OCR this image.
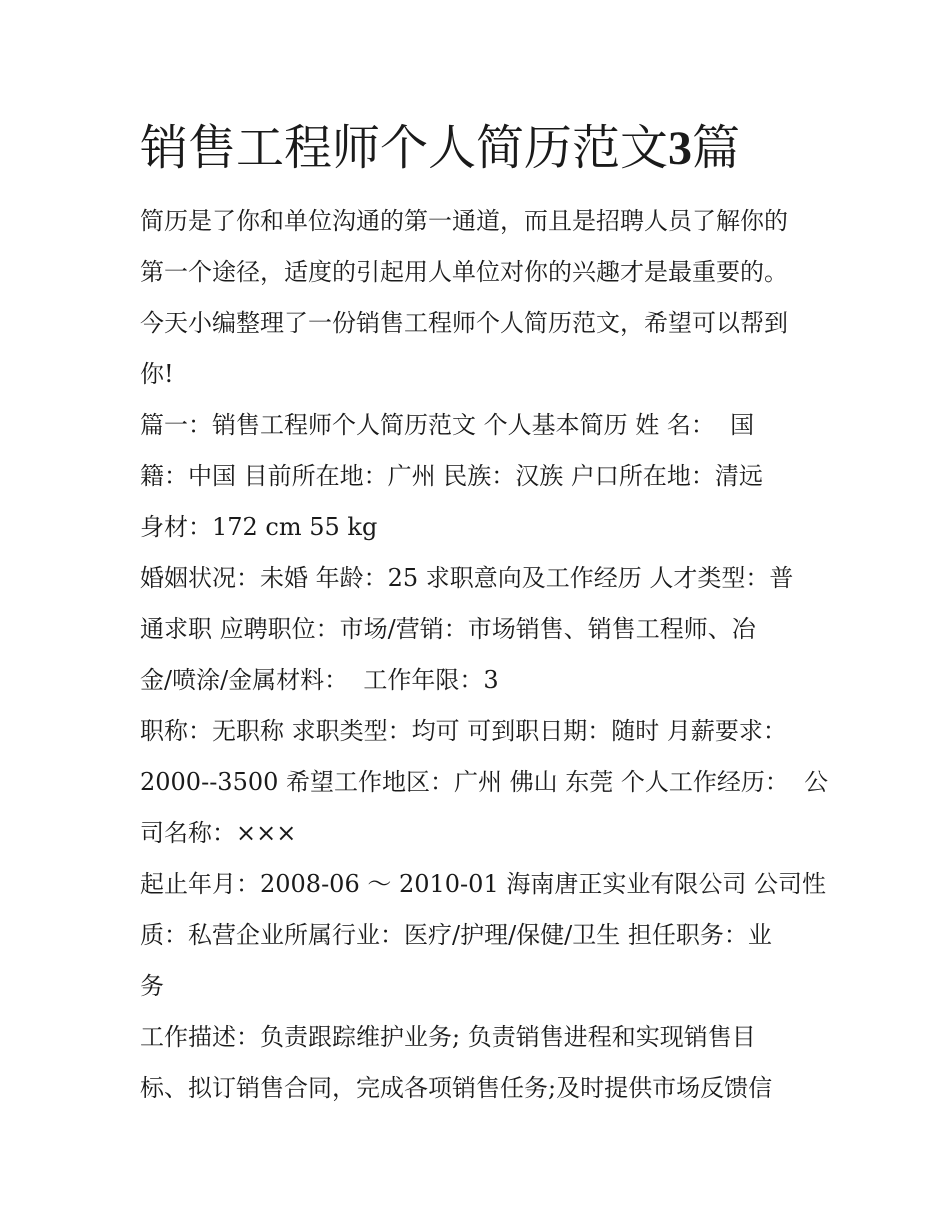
销售工程师个人简历范文3篇
简历是了你和单位沟通的第一通道，而且是招聘人员了解你的
第一个途径，适度的引起用人单位对你的兴趣才是最重要的。
今天小编整理了一份销售工程师个人简历范文，希望可以帮到
你!
篇一：销售工程师个人简历范文 个人基本简历 姓 名：  国
籍：中国 目前所在地：广州 民族：汉族 户口所在地：清远
身材：172 cm 55 kg
婚姻状况：未婚 年龄：25 求职意向及工作经历 人才类型：普
通求职 应聘职位：市场/营销：市场销售、销售工程师、冶
金/喷涂/金属材料：  工作年限：3
职称：无职称 求职类型：均可 可到职日期：随时 月薪要求：
2000--3500 希望工作地区：广州 佛山 东莞 个人工作经历：  公
司名称：×××
起止年月：2008-06 ～ 2010-01 海南唐正实业有限公司 公司性
质：私营企业所属行业：医疗/护理/保健/卫生 担任职务：业
务
工作描述：负责跟踪维护业务; 负责销售进程和实现销售目
标、拟订销售合同，完成各项销售任务;及时提供市场反馈信
